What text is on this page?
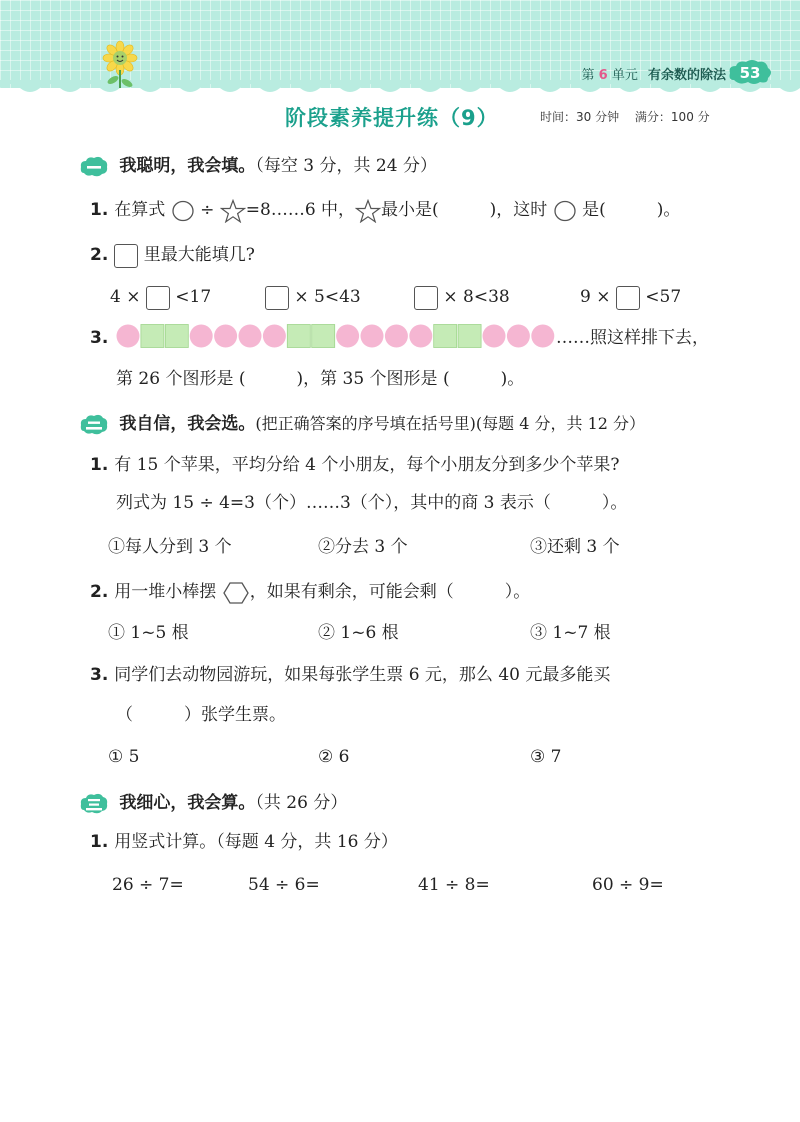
第 6 单元 有余数的除法 53
阶段素养提升练（9）	时间：30 分钟 满分：100 分
我聪明，我会填。（每空 3 分，共 24 分）
1. 在算式 ÷ =8……6 中， 最小是(　　　)，这时 是(　　　)。
2. 里最大能填几?
4 × <17	× 5<43	× 8<38	9 × <57
3.	……照这样排下去，
第 26 个图形是 (　　　)，第 35 个图形是 (　　　)。
我自信，我会选。(把正确答案的序号填在括号里)(每题 4 分，共 12 分）
1. 有 15 个苹果，平均分给 4 个小朋友，每个小朋友分到多少个苹果?
列式为 15 ÷ 4=3（个）……3（个），其中的商 3 表示（　　　）。
①每人分到 3 个	②分去 3 个	③还剩 3 个
2. 用一堆小棒摆 ，如果有剩余，可能会剩（　　　）。
① 1~5 根	② 1~6 根	③ 1~7 根
3. 同学们去动物园游玩，如果每张学生票 6 元，那么 40 元最多能买
（　　　）张学生票。
① 5	② 6	③ 7
我细心，我会算。（共 26 分）
1. 用竖式计算。（每题 4 分，共 16 分）
26 ÷ 7=	54 ÷ 6=	41 ÷ 8=	60 ÷ 9=
